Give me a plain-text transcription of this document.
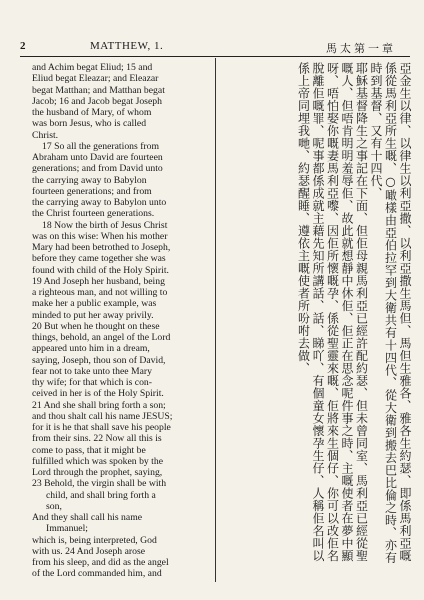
2	MATTHEW, 1.	馬太第一章

and Achim begat Eliud; 15 and

Eliud begat Eleazar; and Eleazar

begat Matthan; and Matthan begat

Jacob; 16 and Jacob begat Joseph

the husband of Mary, of whom

was born Jesus, who is called

Christ.

17 So all the generations from

Abraham unto David are fourteen

generations; and from David unto

the carrying away to Babylon

fourteen generations; and from

the carrying away to Babylon unto

the Christ fourteen generations.

18 Now the birth of Jesus Christ

was on this wise: When his mother

Mary had been betrothed to Joseph,

before they came together she was

found with child of the Holy Spirit.

19 And Joseph her husband, being

a righteous man, and not willing to

make her a public example, was

minded to put her away privily.

20 But when he thought on these

things, behold, an angel of the Lord

appeared unto him in a dream,

saying, Joseph, thou son of David,

fear not to take unto thee Mary

thy wife; for that which is con-

ceived in her is of the Holy Spirit.

21 And she shall bring forth a son;

and thou shalt call his name JESUS;

for it is he that shall save his people

from their sins. 22 Now all this is

come to pass, that it might be

fulfilled which was spoken by the

Lord through the prophet, saying,

23 Behold, the virgin shall be with

child, and shall bring forth a

son,

And they shall call his name

Immanuel;

which is, being interpreted, God

with us. 24 And Joseph arose

from his sleep, and did as the angel

of the Lord commanded him, and

亞金生以律、以律生以利亞撒、以利亞撒生馬但、馬但生雅各、雅各生約瑟、即係馬利亞嘅
係從馬利亞所生嘅、○噉樣由亞伯拉罕到大衛共有十四代、從大衛到搬去巴比倫之時、亦有
時到基督、又有十四代、
耶穌基督降生之事記在下面、但佢母親馬利亞已經許配約瑟、但未曾同室、馬利亞已經從聖
嘅人、但唔肯明明羞辱佢、故此就想靜中休佢、佢正在思念呢件事之時、主嘅使者在夢中顯
呀、唔怕娶你嘅妻馬利亞嚟、因佢所懷嘅孕、係從聖靈來嘅、佢將來生個仔、你可以改佢名
脫離佢嘅罪、呢事都係成就主藉先知所講話、話、睇吖、有個童女懷孕生仔、人稱佢名叫以
係上帝同埋我哋、約瑟醒睡、遵依主嘅使者所吩咐去做、
